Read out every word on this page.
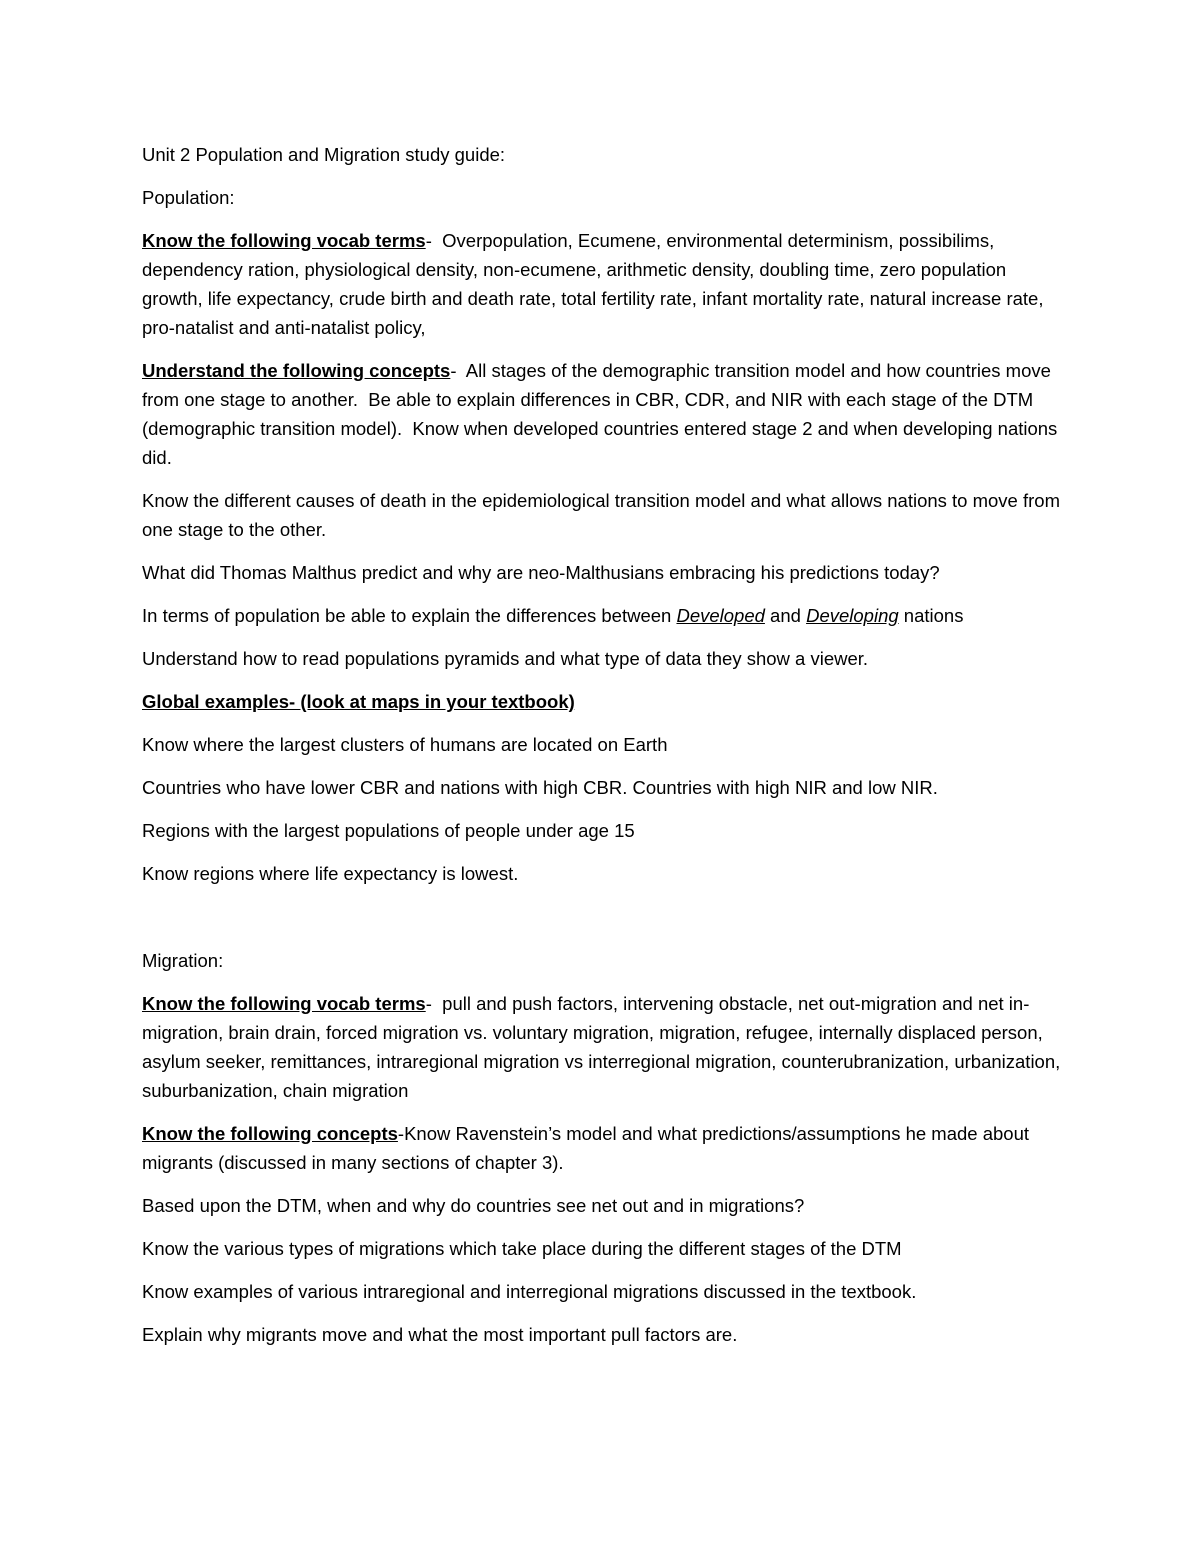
Unit 2 Population and Migration study guide:

Population:

Know the following vocab terms-  Overpopulation, Ecumene, environmental determinism, possibilims, dependency ration, physiological density, non-ecumene, arithmetic density, doubling time, zero population growth, life expectancy, crude birth and death rate, total fertility rate, infant mortality rate, natural increase rate, pro-natalist and anti-natalist policy,

Understand the following concepts-  All stages of the demographic transition model and how countries move from one stage to another.  Be able to explain differences in CBR, CDR, and NIR with each stage of the DTM (demographic transition model).  Know when developed countries entered stage 2 and when developing nations did.

Know the different causes of death in the epidemiological transition model and what allows nations to move from one stage to the other.

What did Thomas Malthus predict and why are neo-Malthusians embracing his predictions today?

In terms of population be able to explain the differences between Developed and Developing nations

Understand how to read populations pyramids and what type of data they show a viewer.

Global examples- (look at maps in your textbook)

Know where the largest clusters of humans are located on Earth

Countries who have lower CBR and nations with high CBR. Countries with high NIR and low NIR.

Regions with the largest populations of people under age 15

Know regions where life expectancy is lowest.

Migration:

Know the following vocab terms-  pull and push factors, intervening obstacle, net out-migration and net in-migration, brain drain, forced migration vs. voluntary migration, migration, refugee, internally displaced person, asylum seeker, remittances, intraregional migration vs interregional migration, counterubranization, urbanization, suburbanization, chain migration

Know the following concepts-Know Ravenstein’s model and what predictions/assumptions he made about migrants (discussed in many sections of chapter 3).

Based upon the DTM, when and why do countries see net out and in migrations?

Know the various types of migrations which take place during the different stages of the DTM

Know examples of various intraregional and interregional migrations discussed in the textbook.

Explain why migrants move and what the most important pull factors are.
